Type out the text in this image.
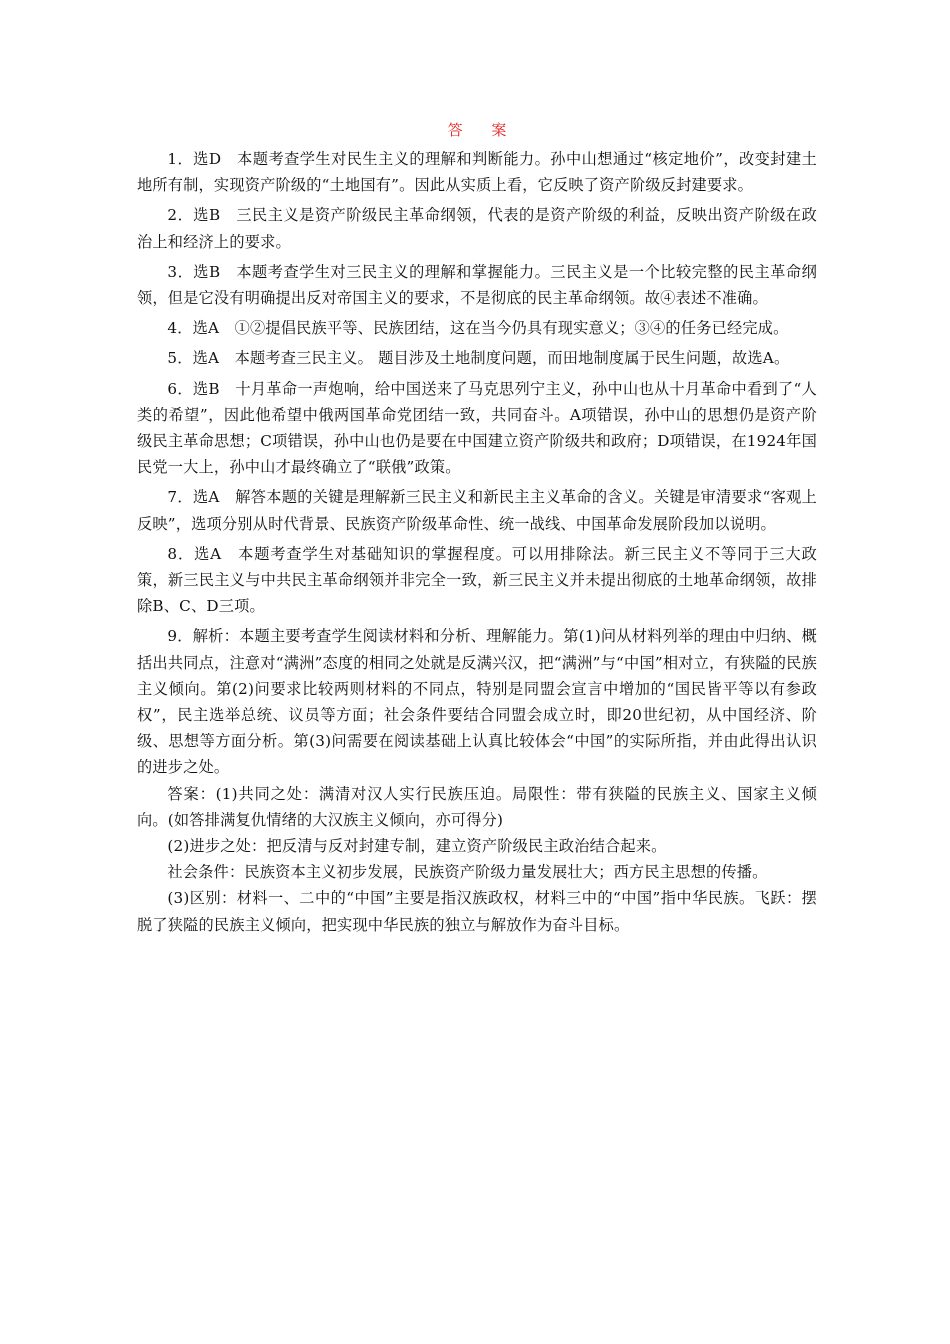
答 案

1．选D　本题考查学生对民生主义的理解和判断能力。孙中山想通过“核定地价”，改变封建土地所有制，实现资产阶级的“土地国有”。因此从实质上看，它反映了资产阶级反封建要求。

2．选B　三民主义是资产阶级民主革命纲领，代表的是资产阶级的利益，反映出资产阶级在政治上和经济上的要求。

3．选B　本题考查学生对三民主义的理解和掌握能力。三民主义是一个比较完整的民主革命纲领，但是它没有明确提出反对帝国主义的要求，不是彻底的民主革命纲领。故④表述不准确。

4．选A　①②提倡民族平等、民族团结，这在当今仍具有现实意义；③④的任务已经完成。

5．选A　本题考查三民主义。 题目涉及土地制度问题，而田地制度属于民生问题，故选A。

6．选B　十月革命一声炮响，给中国送来了马克思列宁主义，孙中山也从十月革命中看到了“人类的希望”，因此他希望中俄两国革命党团结一致，共同奋斗。A项错误，孙中山的思想仍是资产阶级民主革命思想；C项错误，孙中山也仍是要在中国建立资产阶级共和政府；D项错误，在1924年国民党一大上，孙中山才最终确立了“联俄”政策。

7．选A　解答本题的关键是理解新三民主义和新民主主义革命的含义。关键是审清要求“客观上反映”，选项分别从时代背景、民族资产阶级革命性、统一战线、中国革命发展阶段加以说明。

8．选A　本题考查学生对基础知识的掌握程度。可以用排除法。新三民主义不等同于三大政策，新三民主义与中共民主革命纲领并非完全一致，新三民主义并未提出彻底的土地革命纲领，故排除B、C、D三项。

9．解析：本题主要考查学生阅读材料和分析、理解能力。第(1)问从材料列举的理由中归纳、概括出共同点，注意对“满洲”态度的相同之处就是反满兴汉，把“满洲”与“中国”相对立，有狭隘的民族主义倾向。第(2)问要求比较两则材料的不同点，特别是同盟会宣言中增加的“国民皆平等以有参政权”，民主选举总统、议员等方面；社会条件要结合同盟会成立时，即20世纪初，从中国经济、阶级、思想等方面分析。第(3)问需要在阅读基础上认真比较体会“中国”的实际所指，并由此得出认识的进步之处。

答案：(1)共同之处：满清对汉人实行民族压迫。局限性：带有狭隘的民族主义、国家主义倾向。(如答排满复仇情绪的大汉族主义倾向，亦可得分)

(2)进步之处：把反清与反对封建专制，建立资产阶级民主政治结合起来。

社会条件：民族资本主义初步发展，民族资产阶级力量发展壮大；西方民主思想的传播。

(3)区别：材料一、二中的“中国”主要是指汉族政权，材料三中的“中国”指中华民族。飞跃：摆脱了狭隘的民族主义倾向，把实现中华民族的独立与解放作为奋斗目标。
